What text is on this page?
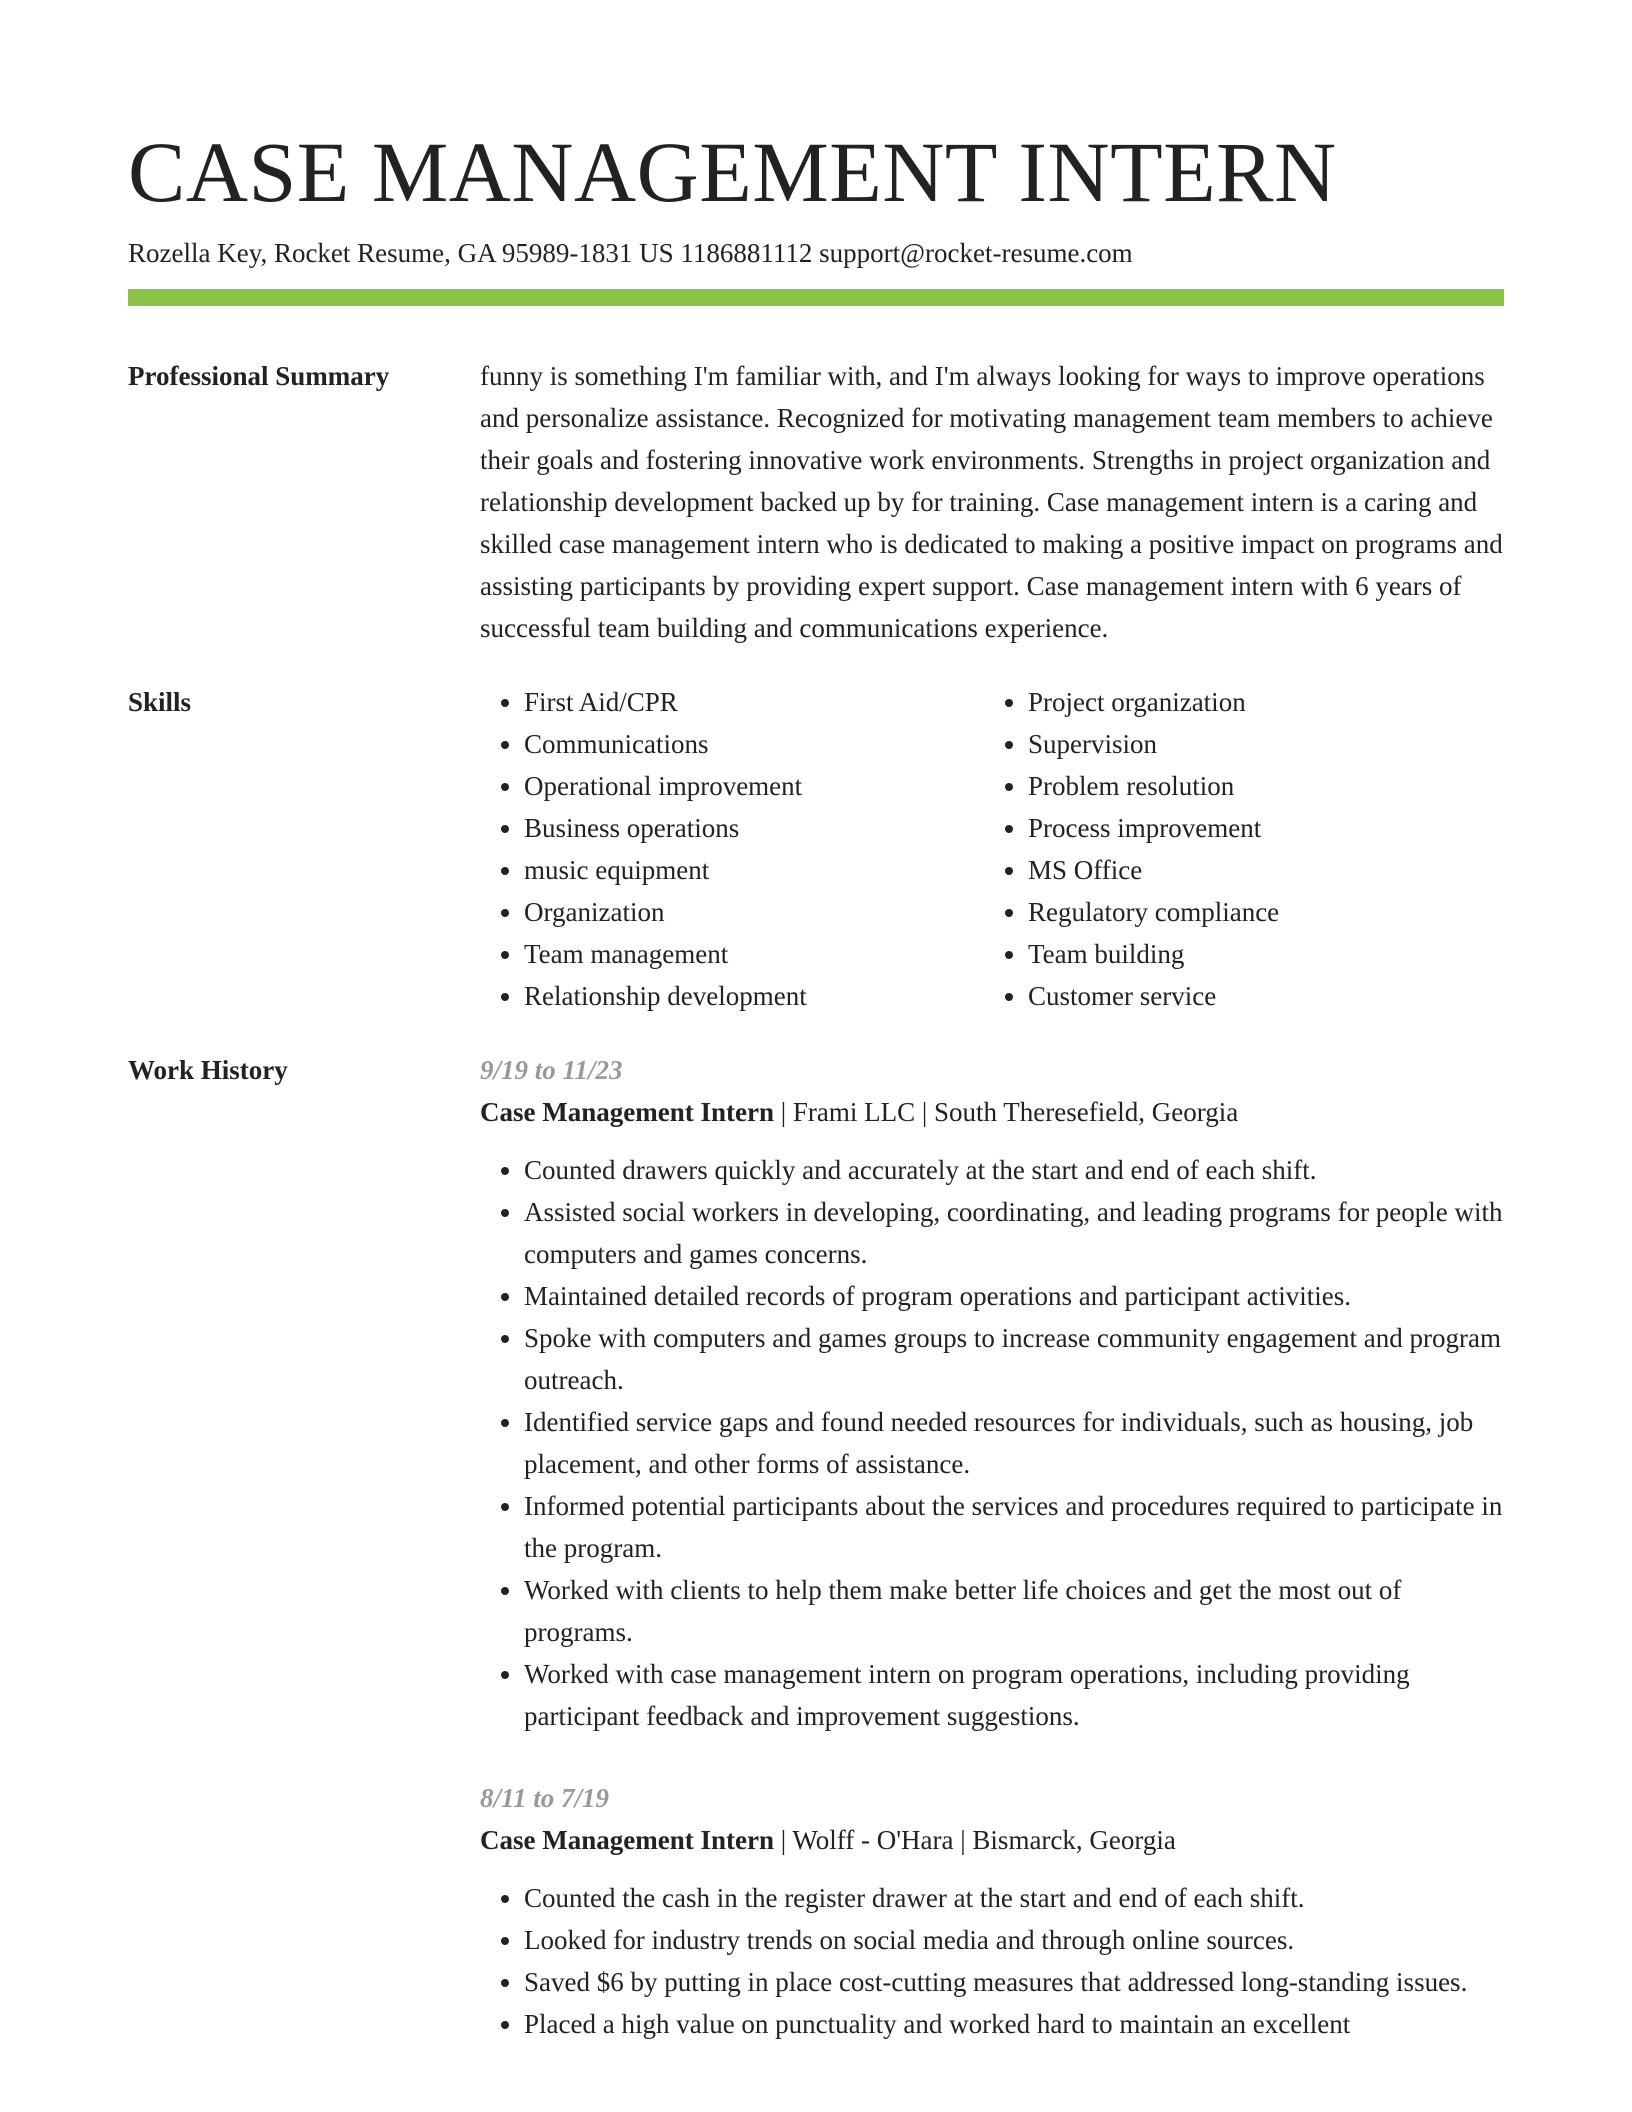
CASE MANAGEMENT INTERN
Rozella Key, Rocket Resume, GA 95989-1831 US 1186881112 support@rocket-resume.com
Professional Summary	funny is something I'm familiar with, and I'm always looking for ways to improve operations and personalize assistance. Recognized for motivating management team members to achieve their goals and fostering innovative work environments. Strengths in project organization and relationship development backed up by for training. Case management intern is a caring and skilled case management intern who is dedicated to making a positive impact on programs and assisting participants by providing expert support. Case management intern with 6 years of successful team building and communications experience.

Skills
•	First Aid/CPR
• Communications
• Operational improvement
• Business operations
• music equipment
• Organization
• Team management
• Relationship development
• Project organization
• Supervision
• Problem resolution
• Process improvement
• MS Office
• Regulatory compliance
• Team building
• Customer service
Work History	9/19 to 11/23
Case Management Intern | Frami LLC | South Theresefield, Georgia
• Counted drawers quickly and accurately at the start and end of each shift.
• Assisted social workers in developing, coordinating, and leading programs for people with computers and games concerns.
• Maintained detailed records of program operations and participant activities.
• Spoke with computers and games groups to increase community engagement and program outreach.
• Identified service gaps and found needed resources for individuals, such as housing, job placement, and other forms of assistance.
• Informed potential participants about the services and procedures required to participate in the program.
• Worked with clients to help them make better life choices and get the most out of programs.
• Worked with case management intern on program operations, including providing participant feedback and improvement suggestions.
8/11 to 7/19
Case Management Intern | Wolff - O'Hara | Bismarck, Georgia
• Counted the cash in the register drawer at the start and end of each shift.
• Looked for industry trends on social media and through online sources.
• Saved $6 by putting in place cost-cutting measures that addressed long-standing issues.
• Placed a high value on punctuality and worked hard to maintain an excellent
